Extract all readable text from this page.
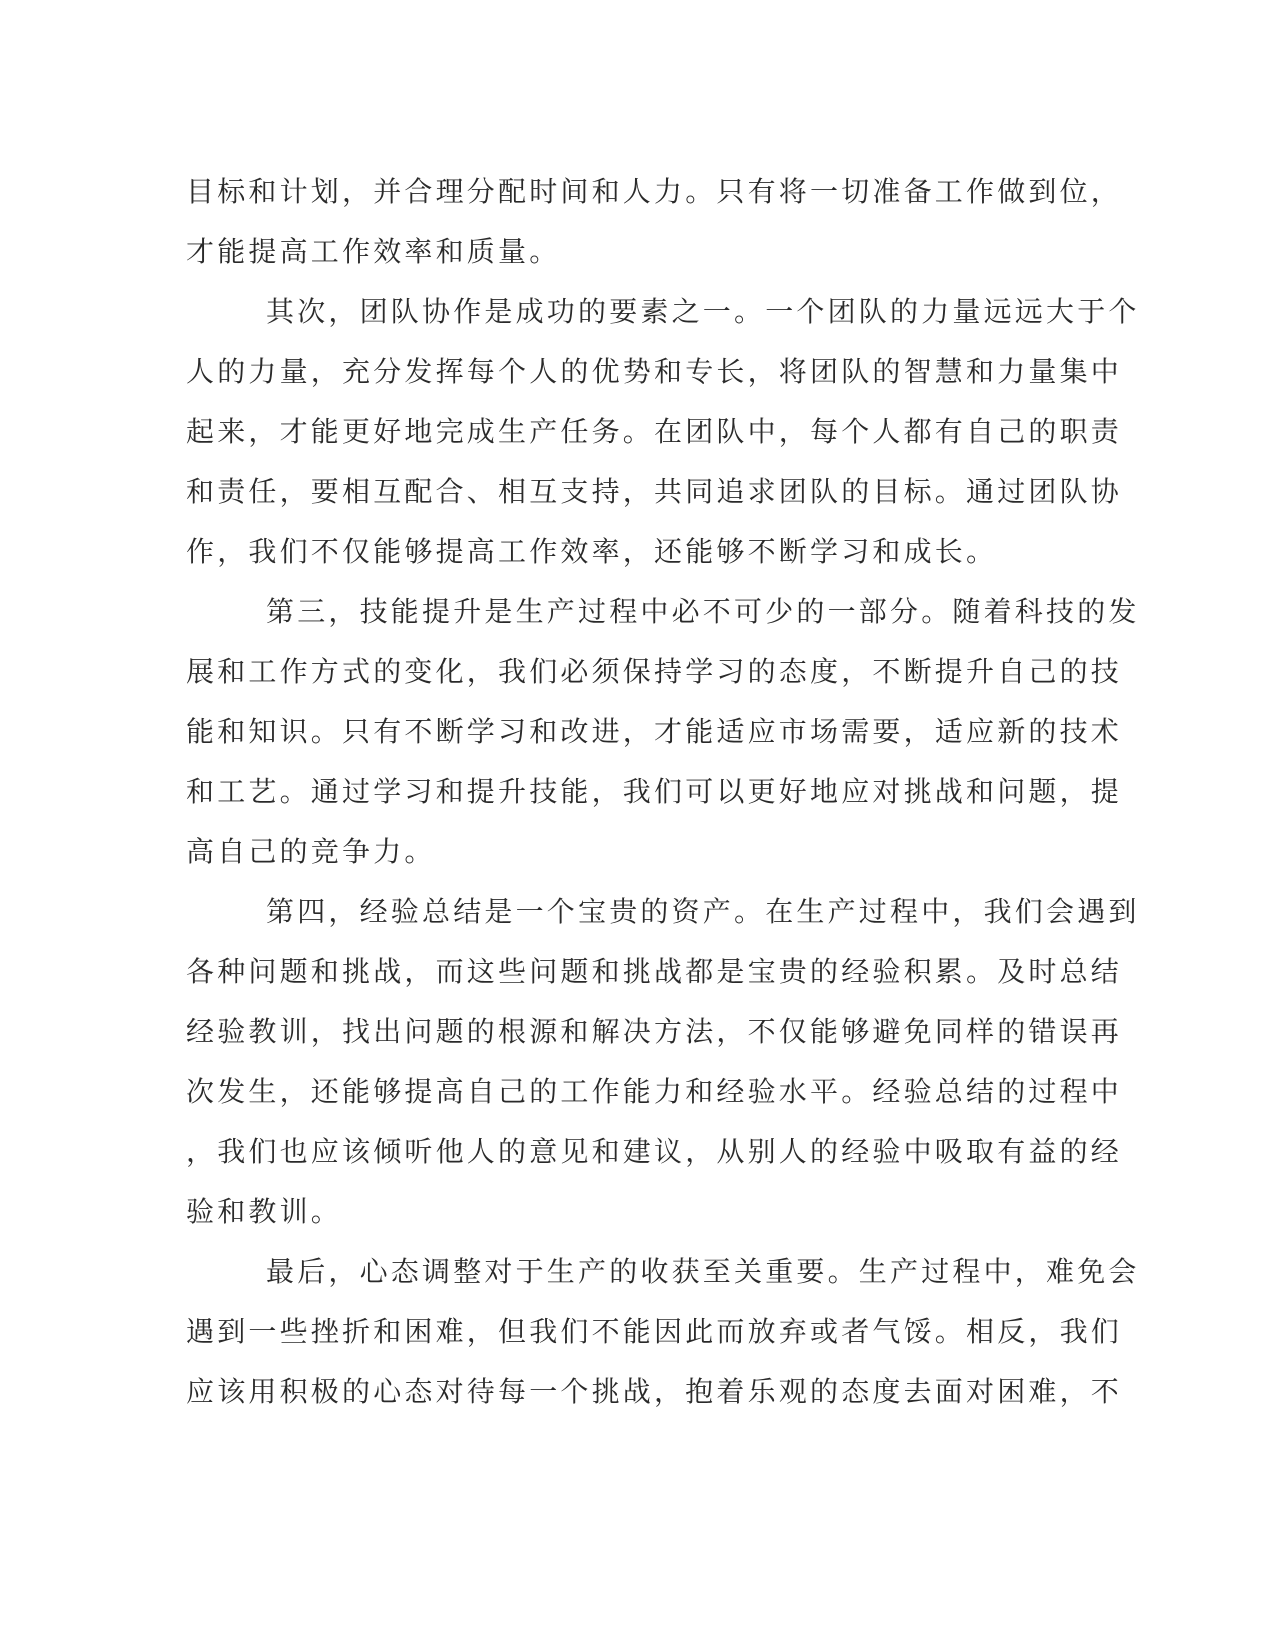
目标和计划，并合理分配时间和人力。只有将一切准备工作做到位，
才能提高工作效率和质量。
其次，团队协作是成功的要素之一。一个团队的力量远远大于个
人的力量，充分发挥每个人的优势和专长，将团队的智慧和力量集中
起来，才能更好地完成生产任务。在团队中，每个人都有自己的职责
和责任，要相互配合、相互支持，共同追求团队的目标。通过团队协
作，我们不仅能够提高工作效率，还能够不断学习和成长。
第三，技能提升是生产过程中必不可少的一部分。随着科技的发
展和工作方式的变化，我们必须保持学习的态度，不断提升自己的技
能和知识。只有不断学习和改进，才能适应市场需要，适应新的技术
和工艺。通过学习和提升技能，我们可以更好地应对挑战和问题，提
高自己的竞争力。
第四，经验总结是一个宝贵的资产。在生产过程中，我们会遇到
各种问题和挑战，而这些问题和挑战都是宝贵的经验积累。及时总结
经验教训，找出问题的根源和解决方法，不仅能够避免同样的错误再
次发生，还能够提高自己的工作能力和经验水平。经验总结的过程中
，我们也应该倾听他人的意见和建议，从别人的经验中吸取有益的经
验和教训。
最后，心态调整对于生产的收获至关重要。生产过程中，难免会
遇到一些挫折和困难，但我们不能因此而放弃或者气馁。相反，我们
应该用积极的心态对待每一个挑战，抱着乐观的态度去面对困难，不
